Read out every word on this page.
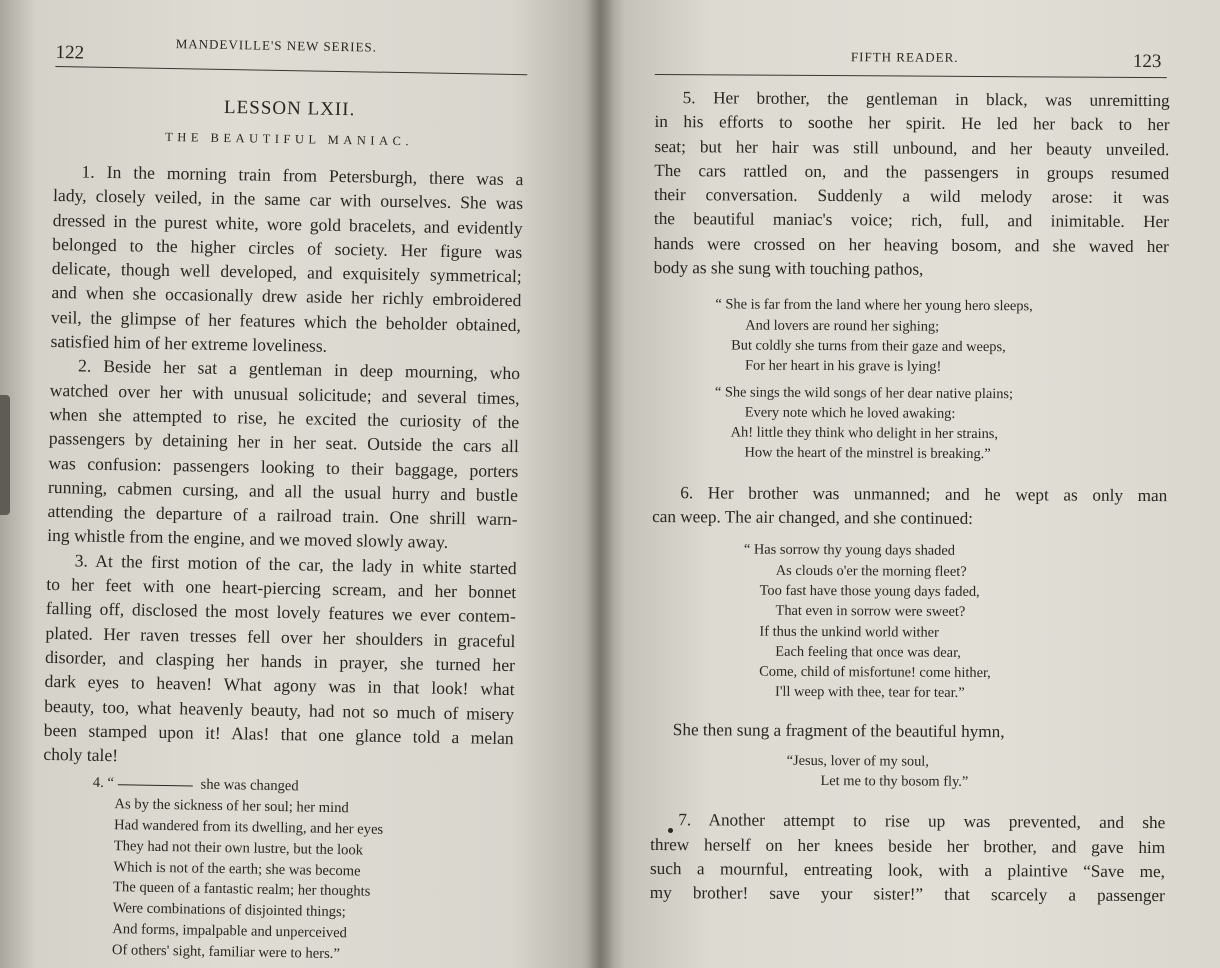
122	MANDEVILLE'S NEW SERIES.
LESSON LXII.
THE BEAUTIFUL MANIAC.
1. In the morning train from Petersburgh, there was a
lady, closely veiled, in the same car with ourselves. She was
dressed in the purest white, wore gold bracelets, and evidently
belonged to the higher circles of society. Her figure was
delicate, though well developed, and exquisitely symmetrical;
and when she occasionally drew aside her richly embroidered
veil, the glimpse of her features which the beholder obtained,
satisfied him of her extreme loveliness.
2. Beside her sat a gentleman in deep mourning, who
watched over her with unusual solicitude; and several times,
when she attempted to rise, he excited the curiosity of the
passengers by detaining her in her seat. Outside the cars all
was confusion: passengers looking to their baggage, porters
running, cabmen cursing, and all the usual hurry and bustle
attending the departure of a railroad train. One shrill warn-
ing whistle from the engine, and we moved slowly away.
3. At the first motion of the car, the lady in white started
to her feet with one heart-piercing scream, and her bonnet
falling off, disclosed the most lovely features we ever contem-
plated. Her raven tresses fell over her shoulders in graceful
disorder, and clasping her hands in prayer, she turned her
dark eyes to heaven! What agony was in that look! what
beauty, too, what heavenly beauty, had not so much of misery
been stamped upon it! Alas! that one glance told a melan
choly tale!
4. “	she was changed
As by the sickness of her soul; her mind
Had wandered from its dwelling, and her eyes
They had not their own lustre, but the look
Which is not of the earth; she was become
The queen of a fantastic realm; her thoughts
Were combinations of disjointed things;
And forms, impalpable and unperceived
Of others' sight, familiar were to hers.”
FIFTH READER.	123
5. Her brother, the gentleman in black, was unremitting
in his efforts to soothe her spirit. He led her back to her
seat; but her hair was still unbound, and her beauty unveiled.
The cars rattled on, and the passengers in groups resumed
their conversation. Suddenly a wild melody arose: it was
the beautiful maniac's voice; rich, full, and inimitable. Her
hands were crossed on her heaving bosom, and she waved her
body as she sung with touching pathos,
“ She is far from the land where her young hero sleeps,
And lovers are round her sighing;
But coldly she turns from their gaze and weeps,
For her heart in his grave is lying!
“ She sings the wild songs of her dear native plains;
Every note which he loved awaking:
Ah! little they think who delight in her strains,
How the heart of the minstrel is breaking.”
6. Her brother was unmanned; and he wept as only man
can weep. The air changed, and she continued:
“ Has sorrow thy young days shaded
As clouds o'er the morning fleet?
Too fast have those young days faded,
That even in sorrow were sweet?
If thus the unkind world wither
Each feeling that once was dear,
Come, child of misfortune! come hither,
I'll weep with thee, tear for tear.”
She then sung a fragment of the beautiful hymn,
“Jesus, lover of my soul,
Let me to thy bosom fly.”
7. Another attempt to rise up was prevented, and she
threw herself on her knees beside her brother, and gave him
such a mournful, entreating look, with a plaintive “Save me,
my brother! save your sister!” that scarcely a passenger
